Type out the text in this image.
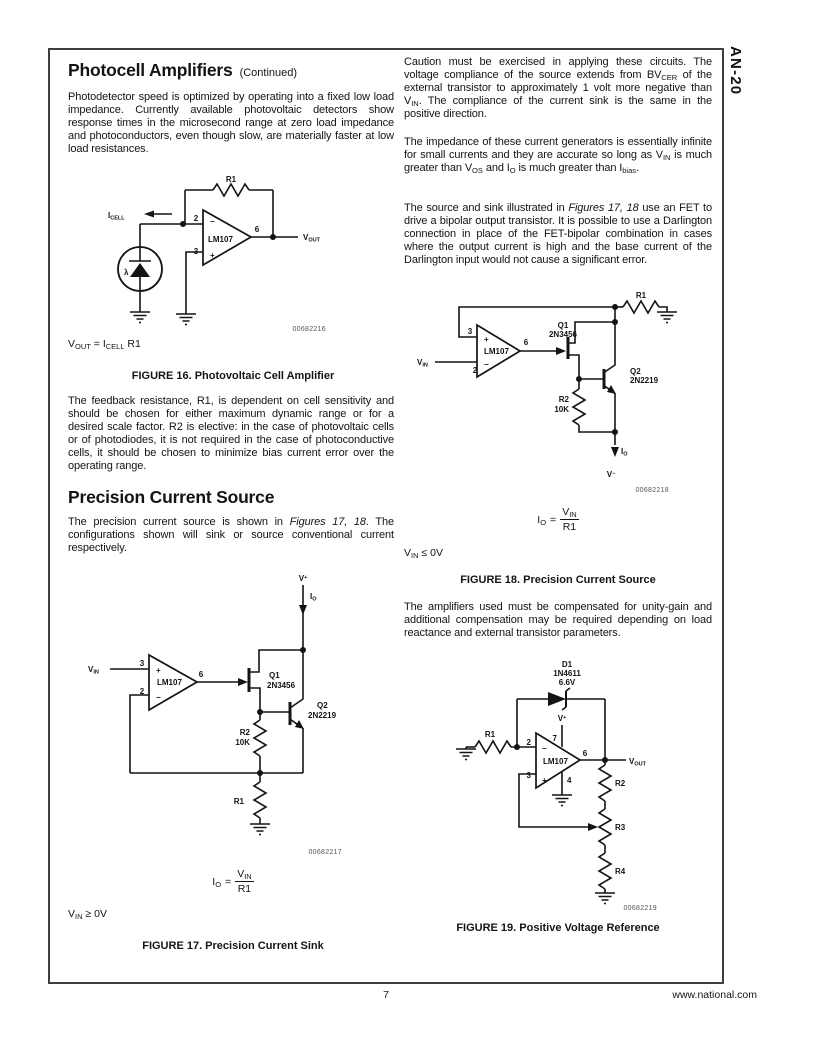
AN-20
Photocell Amplifiers (Continued)

Photodetector speed is optimized by operating into a fixed low load impedance. Currently available photovoltaic detectors show response times in the microsecond range at zero load impedance and photoconductors, even though slow, are materially faster at low load resistances.

R1
ICELL	2 −
3 +
LM107
6
VOUT
λ
00682216
$V_{OUT} = I_{CELL}$ R1
FIGURE 16. Photovoltaic Cell Amplifier

The feedback resistance, R1, is dependent on cell sensitivity and should be chosen for either maximum dynamic range or for a desired scale factor. R2 is elective: in the case of photovoltaic cells or of photodiodes, it is not required in the case of photoconductive cells, it should be chosen to minimize bias current error over the operating range.

Precision Current Source

The precision current source is shown in Figures 17, 18. The configurations shown will sink or source conventional current respectively.

V+
IO
VIN
3
+
2
−
LM107
6	Q1
2N3456
Q2
2N2219
R2
10K
R1
00682217
$I_O = \frac{V_{IN}}{R1}$
$V_{IN} \ge 0V$
FIGURE 17. Precision Current Sink

Caution must be exercised in applying these circuits. The voltage compliance of the source extends from $BV_{CER}$ of the external transistor to approximately 1 volt more negative than $V_{IN}$. The compliance of the current sink is the same in the positive direction.

The impedance of these current generators is essentially infinite for small currents and they are accurate so long as $V_{IN}$ is much greater than $V_{OS}$ and $I_O$ is much greater than $I_{bias}$.

The source and sink illustrated in Figures 17, 18 use an FET to drive a bipolar output transistor. It is possible to use a Darlington connection in place of the FET-bipolar combination in cases where the output current is high and the base current of the Darlington input would not cause a significant error.

R1
VIN
3
+
2
−
LM107
6
Q1
2N3456
Q2
2N2219
R2
10K
IO
V−
00682218
$I_O = \frac{V_{IN}}{R1}$
$V_{IN} \le 0V$
FIGURE 18. Precision Current Source

The amplifiers used must be compensated for unity-gain and additional compensation may be required depending on load reactance and external transistor parameters.

D1
1N4611
6.6V
R1
2
−
7
V+
LM107
3
+	4
6
VOUT
R2
R3
R4
00682219
FIGURE 19. Positive Voltage Reference
7	www.national.com
